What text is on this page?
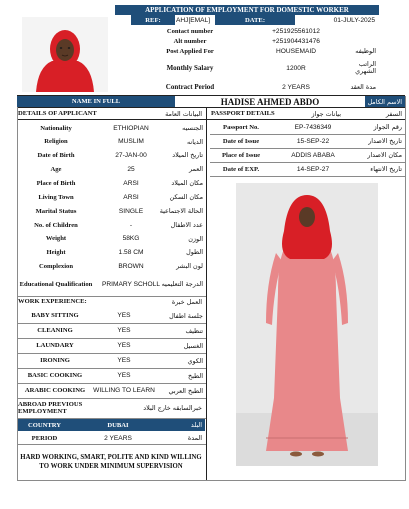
APPLICATION OF EMPLOYMENT FOR DOMESTIC WORKER
REF:	AHJ[EMAL]	DATE:	01-JULY-2025
Contact number	+251925561012
Alt number	+251904431476
Post Applied For	HOUSEMAID	الوظيفه
Monthly Salary	1200R	الراتب الشهري
Contract Period	2 YEARS	مدة العقد
NAME IN FULL	HADISE AHMED ABDO	الاسم الكامل
DETAILS OF APPLICANT	البيانات العامة
Nationality	ETHIOPIAN	الجنسيه
Religion	MUSLIM	الديانه
Date of Birth	27-JAN-00	تاريخ الميلاد
Age	25	العمر
Place of Birth	ARSI	مكان الميلاد
Living Town	ARSI	مكان السكن
Marital Status	SINGLE	الحالة الاجتماعية
No. of Children	-	عدد الاطفال
Weight	58KG	الوزن
Height	1.58 CM	الطول
Complexion	BROWN	لون البشر
Educational Qualification	PRIMARY SCHOLL الدرجة التعليميه
WORK EXPERIENCE:	العمل خبرة
BABY SITTING	YES	جلسة اطفال
CLEANING	YES	تنظيف
LAUNDARY	YES	الغسيل
IRONING	YES	الكوي
BASIC COOKING	YES	الطبخ
ARABIC COOKING	WILLING TO LEARN	الطبخ العربي
ABROAD PREVIOUS EMPLOYMENT	خبرالسابقه خارج البلاد
COUNTRY	DUBAI	البلد
PERIOD	2 YEARS	المدة
HARD WORKING, SMART, POLITE AND KIND WILLING TO WORK UNDER MINIMUM SUPERVISION
PASSPORT DETAILS	بيانات جواز	السفر
Passport No.	EP-7436349	رقم الجواز
Date of Issue	15-SEP-22	تاريخ الاصدار
Place of Issue	ADDIS ABABA	مكان الاصدار
Date of EXP.	14-SEP-27	تاريخ الانتهاء
